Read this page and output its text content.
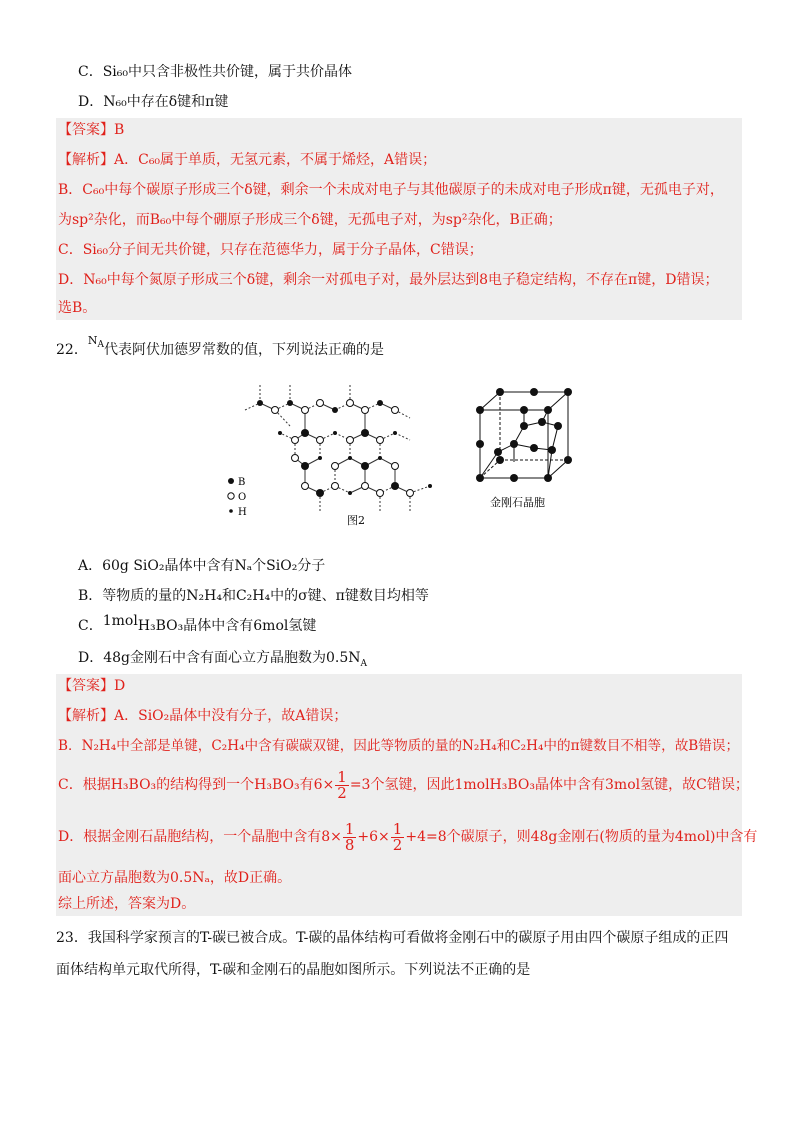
C．Si₆₀中只含非极性共价键，属于共价晶体
D．N₆₀中存在δ键和π键
【答案】B
【解析】A．C₆₀属于单质，无氢元素，不属于烯烃，A错误；
B．C₆₀中每个碳原子形成三个δ键，剩余一个未成对电子与其他碳原子的未成对电子形成π键，无孤电子对，
为sp²杂化，而B₆₀中每个硼原子形成三个δ键，无孤电子对，为sp²杂化，B正确；
C．Si₆₀分子间无共价键，只存在范德华力，属于分子晶体，C错误；
D．N₆₀中每个氮原子形成三个δ键，剩余一对孤电子对，最外层达到8电子稳定结构，不存在π键，D错误；
选B。
22．$^{N_A}$代表阿伏加德罗常数的值，下列说法正确的是
B
O
H
图2
金刚石晶胞
A．60g SiO₂晶体中含有Nₐ个SiO₂分子
B．等物质的量的N₂H₄和C₂H₄中的σ键、π键数目均相等
C．1molH₃BO₃晶体中含有6mol氢键
D．48g金刚石中含有面心立方晶胞数为$0.5N_A$
【答案】D
【解析】A．SiO₂晶体中没有分子，故A错误；
B．N₂H₄中全部是单键，C₂H₄中含有碳碳双键，因此等物质的量的N₂H₄和C₂H₄中的π键数目不相等，故B错误；
C．根据H₃BO₃的结构得到一个H₃BO₃有$6\times \frac{1}{2} =3$个氢键，因此1molH₃BO₃晶体中含有3mol氢键，故C错误；
D．根据金刚石晶胞结构，一个晶胞中含有$8\times \frac{1}{8} +6\times \frac{1}{2} +4=8$个碳原子，则48g金刚石(物质的量为4mol)中含有
面心立方晶胞数为0.5Nₐ，故D正确。
综上所述，答案为D。
23．我国科学家预言的T-碳已被合成。T-碳的晶体结构可看做将金刚石中的碳原子用由四个碳原子组成的正四
面体结构单元取代所得，T-碳和金刚石的晶胞如图所示。下列说法不正确的是
